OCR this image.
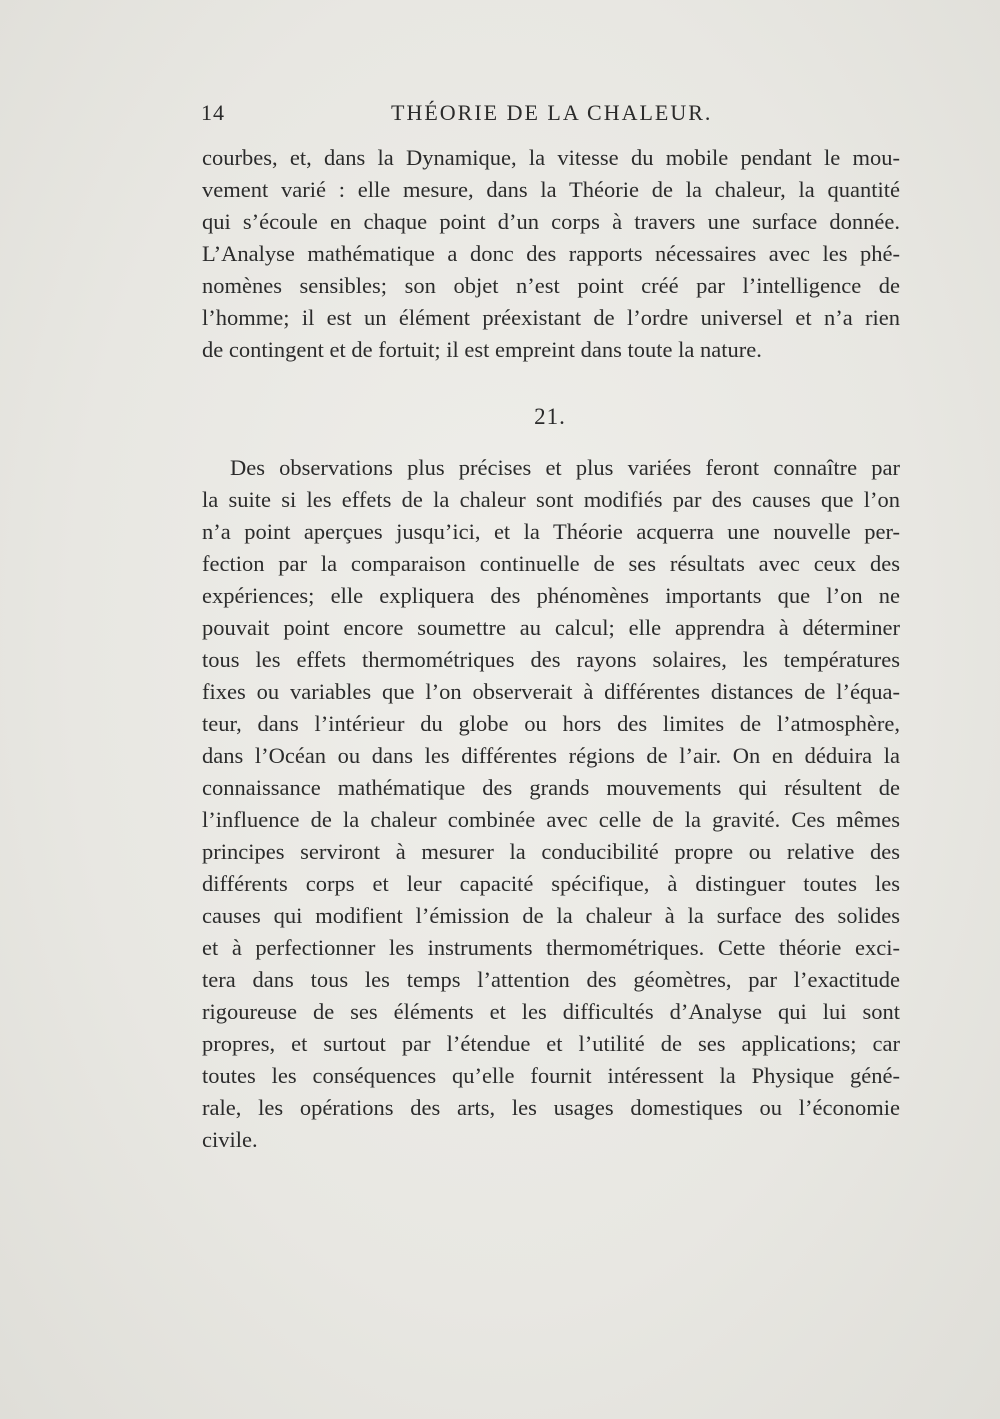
14	THÉORIE DE LA CHALEUR.
courbes, et, dans la Dynamique, la vitesse du mobile pendant le mou-
vement varié : elle mesure, dans la Théorie de la chaleur, la quantité
qui s’écoule en chaque point d’un corps à travers une surface donnée.
L’Analyse mathématique a donc des rapports nécessaires avec les phé-
nomènes sensibles; son objet n’est point créé par l’intelligence de
l’homme; il est un élément préexistant de l’ordre universel et n’a rien
de contingent et de fortuit; il est empreint dans toute la nature.
21.
Des observations plus précises et plus variées feront connaître par
la suite si les effets de la chaleur sont modifiés par des causes que l’on
n’a point aperçues jusqu’ici, et la Théorie acquerra une nouvelle per-
fection par la comparaison continuelle de ses résultats avec ceux des
expériences; elle expliquera des phénomènes importants que l’on ne
pouvait point encore soumettre au calcul; elle apprendra à déterminer
tous les effets thermométriques des rayons solaires, les températures
fixes ou variables que l’on observerait à différentes distances de l’équa-
teur, dans l’intérieur du globe ou hors des limites de l’atmosphère,
dans l’Océan ou dans les différentes régions de l’air. On en déduira la
connaissance mathématique des grands mouvements qui résultent de
l’influence de la chaleur combinée avec celle de la gravité. Ces mêmes
principes serviront à mesurer la conducibilité propre ou relative des
différents corps et leur capacité spécifique, à distinguer toutes les
causes qui modifient l’émission de la chaleur à la surface des solides
et à perfectionner les instruments thermométriques. Cette théorie exci-
tera dans tous les temps l’attention des géomètres, par l’exactitude
rigoureuse de ses éléments et les difficultés d’Analyse qui lui sont
propres, et surtout par l’étendue et l’utilité de ses applications; car
toutes les conséquences qu’elle fournit intéressent la Physique géné-
rale, les opérations des arts, les usages domestiques ou l’économie
civile.
